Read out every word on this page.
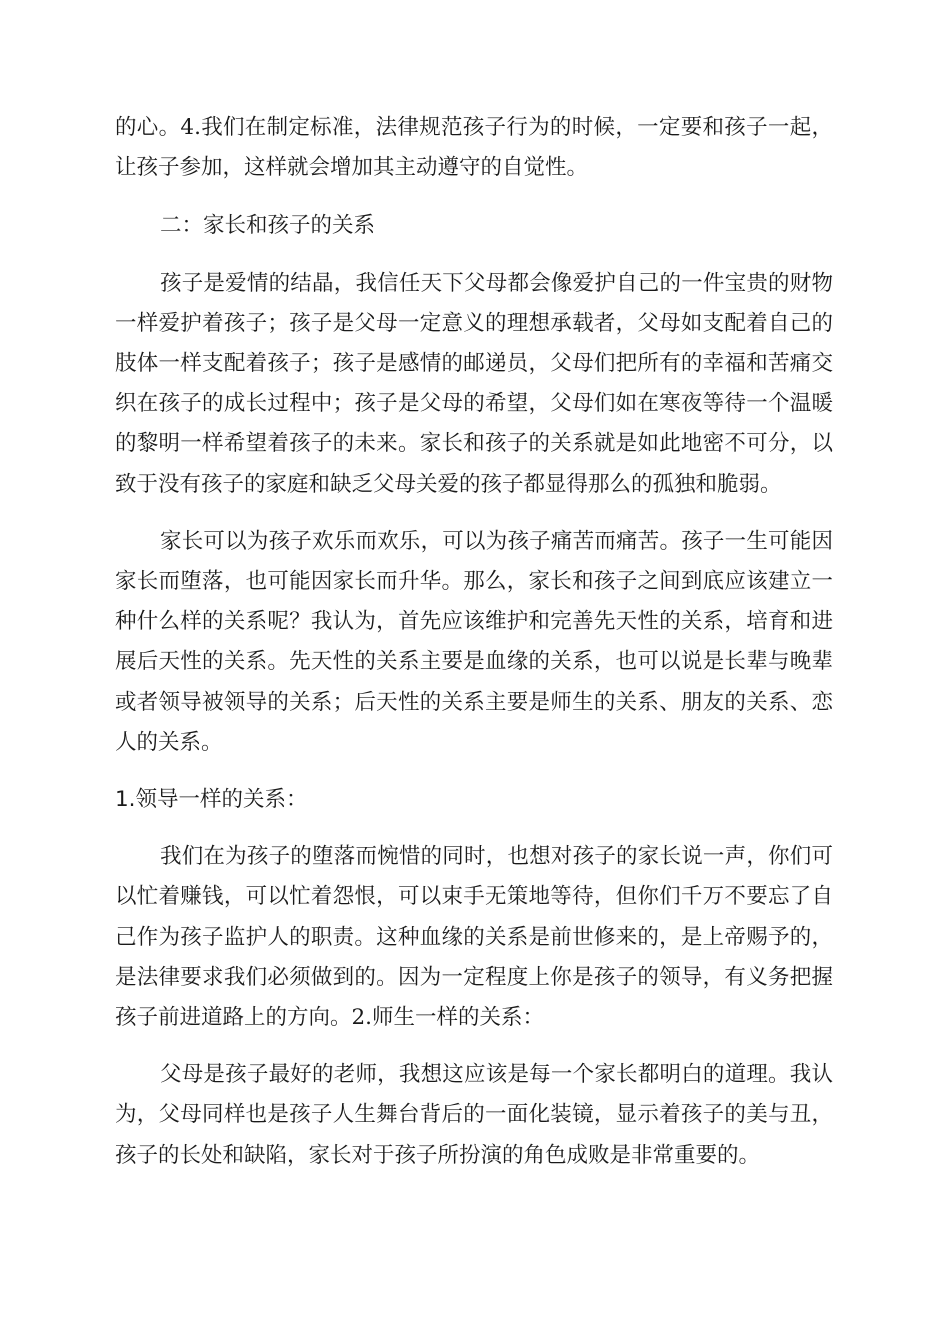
的心。4.我们在制定标准，法律规范孩子行为的时候，一定要和孩子一起，让孩子参加，这样就会增加其主动遵守的自觉性。

二：家长和孩子的关系

孩子是爱情的结晶，我信任天下父母都会像爱护自己的一件宝贵的财物一样爱护着孩子；孩子是父母一定意义的理想承载者，父母如支配着自己的肢体一样支配着孩子；孩子是感情的邮递员，父母们把所有的幸福和苦痛交织在孩子的成长过程中；孩子是父母的希望，父母们如在寒夜等待一个温暖的黎明一样希望着孩子的未来。家长和孩子的关系就是如此地密不可分，以致于没有孩子的家庭和缺乏父母关爱的孩子都显得那么的孤独和脆弱。

家长可以为孩子欢乐而欢乐，可以为孩子痛苦而痛苦。孩子一生可能因家长而堕落，也可能因家长而升华。那么，家长和孩子之间到底应该建立一种什么样的关系呢？我认为，首先应该维护和完善先天性的关系，培育和进展后天性的关系。先天性的关系主要是血缘的关系，也可以说是长辈与晚辈或者领导被领导的关系；后天性的关系主要是师生的关系、朋友的关系、恋人的关系。

1.领导一样的关系：

我们在为孩子的堕落而惋惜的同时，也想对孩子的家长说一声，你们可以忙着赚钱，可以忙着怨恨，可以束手无策地等待，但你们千万不要忘了自己作为孩子监护人的职责。这种血缘的关系是前世修来的，是上帝赐予的，是法律要求我们必须做到的。因为一定程度上你是孩子的领导，有义务把握孩子前进道路上的方向。2.师生一样的关系：

父母是孩子最好的老师，我想这应该是每一个家长都明白的道理。我认为，父母同样也是孩子人生舞台背后的一面化装镜，显示着孩子的美与丑，孩子的长处和缺陷，家长对于孩子所扮演的角色成败是非常重要的。
